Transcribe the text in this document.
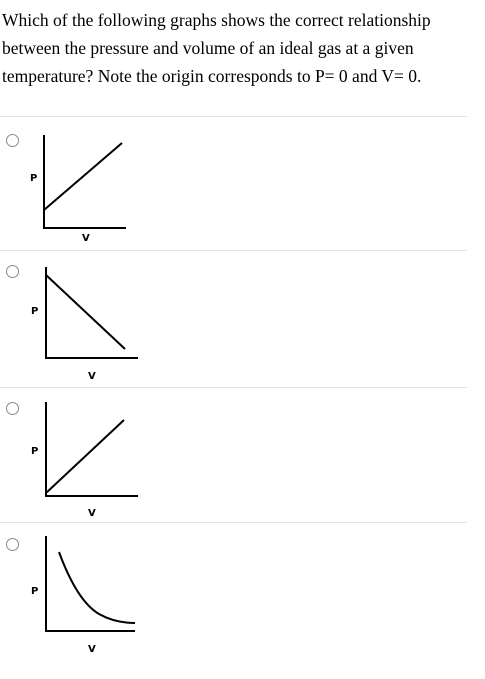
Which of the following graphs shows the correct relationship
between the pressure and volume of an ideal gas at a given
temperature? Note the origin corresponds to P= 0 and V= 0.
P
V
P
V
P
V
P
V
